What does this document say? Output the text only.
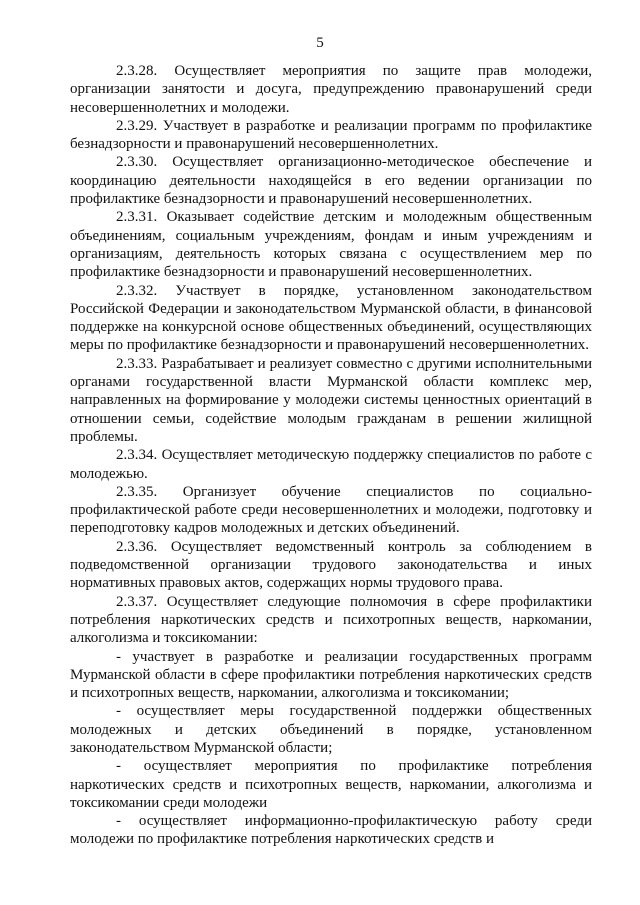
5

2.3.28. Осуществляет мероприятия по защите прав молодежи, организации занятости и досуга, предупреждению правонарушений среди несовершеннолетних и молодежи.

2.3.29. Участвует в разработке и реализации программ по профилактике безнадзорности и правонарушений несовершеннолетних.

2.3.30. Осуществляет организационно-методическое обеспечение и координацию деятельности находящейся в его ведении организации по профилактике безнадзорности и правонарушений несовершеннолетних.

2.3.31. Оказывает содействие детским и молодежным общественным объединениям, социальным учреждениям, фондам и иным учреждениям и организациям, деятельность которых связана с осуществлением мер по профилактике безнадзорности и правонарушений несовершеннолетних.

2.3.32. Участвует в порядке, установленном законодательством Российской Федерации и законодательством Мурманской области, в финансовой поддержке на конкурсной основе общественных объединений, осуществляющих меры по профилактике безнадзорности и правонарушений несовершеннолетних.

2.3.33. Разрабатывает и реализует совместно с другими исполнительными органами государственной власти Мурманской области комплекс мер, направленных на формирование у молодежи системы ценностных ориентаций в отношении семьи, содействие молодым гражданам в решении жилищной проблемы.

2.3.34. Осуществляет методическую поддержку специалистов по работе с молодежью.

2.3.35. Организует обучение специалистов по социально-профилактической работе среди несовершеннолетних и молодежи, подготовку и переподготовку кадров молодежных и детских объединений.

2.3.36. Осуществляет ведомственный контроль за соблюдением в подведомственной организации трудового законодательства и иных нормативных правовых актов, содержащих нормы трудового права.

2.3.37. Осуществляет следующие полномочия в сфере профилактики потребления наркотических средств и психотропных веществ, наркомании, алкоголизма и токсикомании:

- участвует в разработке и реализации государственных программ Мурманской области в сфере профилактики потребления наркотических средств и психотропных веществ, наркомании, алкоголизма и токсикомании;

- осуществляет меры государственной поддержки общественных молодежных и детских объединений в порядке, установленном законодательством Мурманской области;

- осуществляет мероприятия по профилактике потребления наркотических средств и психотропных веществ, наркомании, алкоголизма и токсикомании среди молодежи

- осуществляет информационно-профилактическую работу среди молодежи по профилактике потребления наркотических средств и
